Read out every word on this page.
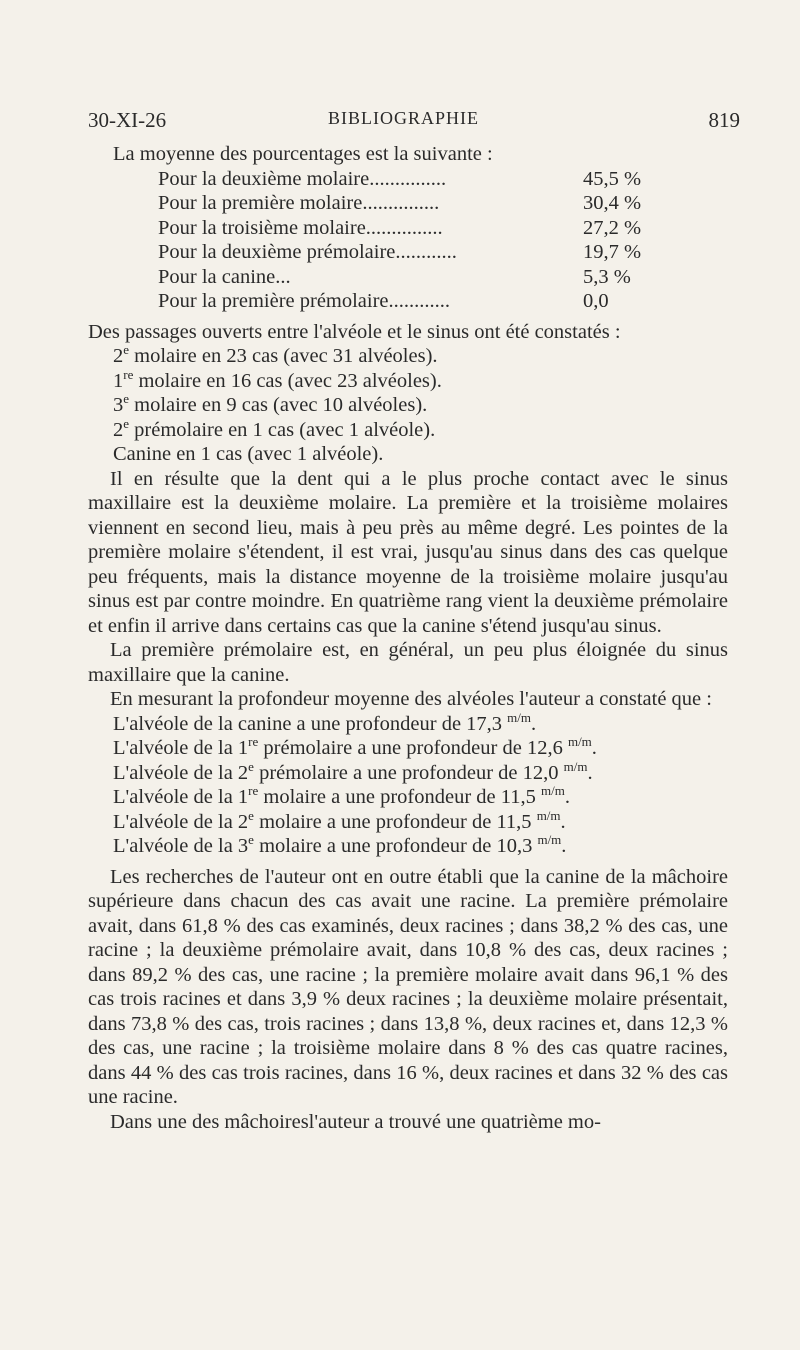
30-XI-26	BIBLIOGRAPHIE	819

La moyenne des pourcentages est la suivante :

Pour la deuxième molaire...............	45,5 %
Pour la première molaire...............	30,4 %
Pour la troisième molaire...............	27,2 %
Pour la deuxième prémolaire............	19,7 %
Pour la canine...	5,3 %
Pour la première prémolaire............	0,0

Des passages ouverts entre l'alvéole et le sinus ont été constatés :

2e molaire en 23 cas (avec 31 alvéoles).
1re molaire en 16 cas (avec 23 alvéoles).
3e molaire en 9 cas (avec 10 alvéoles).
2e prémolaire en 1 cas (avec 1 alvéole).
Canine en 1 cas (avec 1 alvéole).

Il en résulte que la dent qui a le plus proche contact avec le sinus maxillaire est la deuxième molaire. La première et la troisième molaires viennent en second lieu, mais à peu près au même degré. Les pointes de la première molaire s'étendent, il est vrai, jusqu'au sinus dans des cas quelque peu fréquents, mais la distance moyenne de la troisième molaire jusqu'au sinus est par contre moindre. En quatrième rang vient la deuxième prémolaire et enfin il arrive dans certains cas que la canine s'étend jusqu'au sinus.

La première prémolaire est, en général, un peu plus éloignée du sinus maxillaire que la canine.

En mesurant la profondeur moyenne des alvéoles l'auteur a constaté que :

L'alvéole de la canine a une profondeur de 17,3 $^{m/m}$.
L'alvéole de la 1re prémolaire a une profondeur de 12,6 $^{m/m}$.
L'alvéole de la 2e prémolaire a une profondeur de 12,0 $^{m/m}$.
L'alvéole de la 1re molaire a une profondeur de 11,5 $^{m/m}$.
L'alvéole de la 2e molaire a une profondeur de 11,5 $^{m/m}$.
L'alvéole de la 3e molaire a une profondeur de 10,3 $^{m/m}$.

Les recherches de l'auteur ont en outre établi que la canine de la mâchoire supérieure dans chacun des cas avait une racine. La première prémolaire avait, dans 61,8 % des cas examinés, deux racines ; dans 38,2 % des cas, une racine ; la deuxième prémolaire avait, dans 10,8 % des cas, deux racines ; dans 89,2 % des cas, une racine ; la première molaire avait dans 96,1 % des cas trois racines et dans 3,9 % deux racines ; la deuxième molaire présentait, dans 73,8 % des cas, trois racines ; dans 13,8 %, deux racines et, dans 12,3 % des cas, une racine ; la troisième molaire dans 8 % des cas quatre racines, dans 44 % des cas trois racines, dans 16 %, deux racines et dans 32 % des cas une racine.

Dans une des mâchoiresl'auteur a trouvé une quatrième mo-
